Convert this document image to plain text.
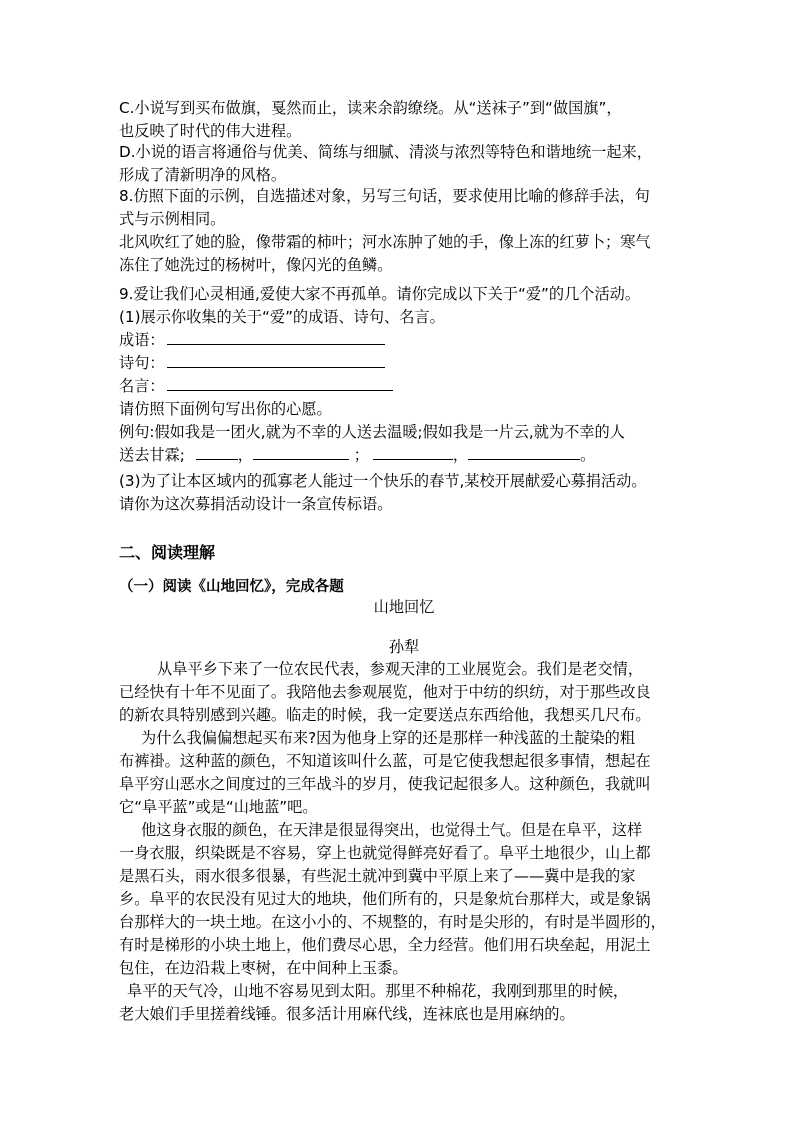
C.小说写到买布做旗，戛然而止，读来余韵缭绕。从“送袜子”到“做国旗”，
也反映了时代的伟大进程。
D.小说的语言将通俗与优美、简练与细腻、清淡与浓烈等特色和谐地统一起来，
形成了清新明净的风格。
8.仿照下面的示例，自选描述对象，另写三句话，要求使用比喻的修辞手法，句
式与示例相同。
北风吹红了她的脸，像带霜的柿叶；河水冻肿了她的手，像上冻的红萝卜；寒气
冻住了她洗过的杨树叶，像闪光的鱼鳞。
9.爱让我们心灵相通,爱使大家不再孤单。请你完成以下关于“爱”的几个活动。
(1)展示你收集的关于“爱”的成语、诗句、名言。
成语：
诗句：
名言：
请仿照下面例句写出你的心愿。
例句:假如我是一团火,就为不幸的人送去温暖;假如我是一片云,就为不幸的人
送去甘霖;	，	；	，	。
(3)为了让本区域内的孤寡老人能过一个快乐的春节,某校开展献爱心募捐活动。
请你为这次募捐活动设计一条宣传标语。
二、阅读理解
（一）阅读《山地回忆》，完成各题
山地回忆
孙犁
从阜平乡下来了一位农民代表，参观天津的工业展览会。我们是老交情，
已经快有十年不见面了。我陪他去参观展览，他对于中纺的织纺，对于那些改良
的新农具特别感到兴趣。临走的时候，我一定要送点东西给他，我想买几尺布。
为什么我偏偏想起买布来?因为他身上穿的还是那样一种浅蓝的土靛染的粗
布裤褂。这种蓝的颜色，不知道该叫什么蓝，可是它使我想起很多事情，想起在
阜平穷山恶水之间度过的三年战斗的岁月，使我记起很多人。这种颜色，我就叫
它“阜平蓝”或是“山地蓝”吧。
他这身衣服的颜色，在天津是很显得突出，也觉得土气。但是在阜平，这样
一身衣服，织染既是不容易，穿上也就觉得鲜亮好看了。阜平土地很少，山上都
是黑石头，雨水很多很暴，有些泥土就冲到冀中平原上来了——冀中是我的家
乡。阜平的农民没有见过大的地块，他们所有的，只是象炕台那样大，或是象锅
台那样大的一块土地。在这小小的、不规整的，有时是尖形的，有时是半圆形的，
有时是梯形的小块土地上，他们费尽心思，全力经营。他们用石块垒起，用泥土
包住，在边沿栽上枣树，在中间种上玉黍。
阜平的天气冷，山地不容易见到太阳。那里不种棉花，我刚到那里的时候，
老大娘们手里搓着线锤。很多活计用麻代线，连袜底也是用麻纳的。
